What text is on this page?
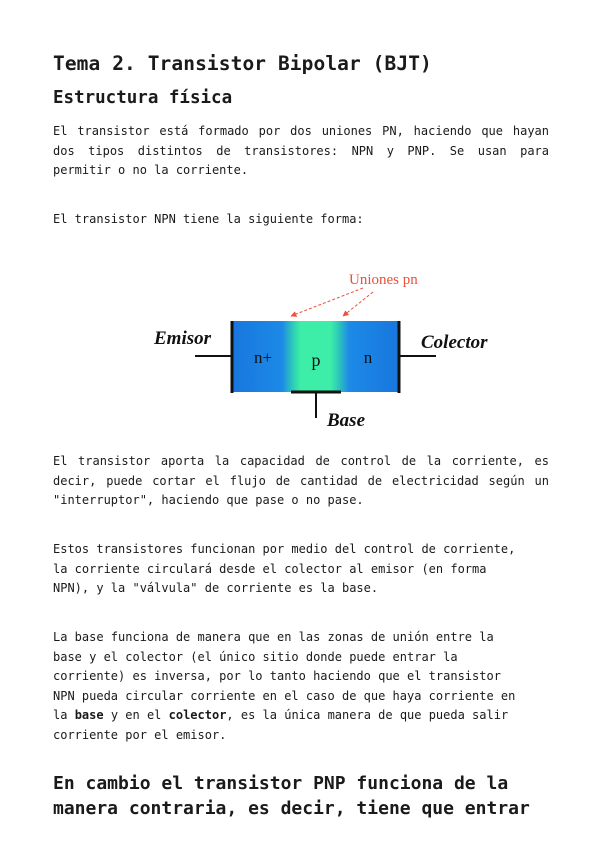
Tema 2. Transistor Bipolar (BJT)
Estructura física

El transistor está formado por dos uniones PN, haciendo que hayan dos tipos distintos de transistores: NPN y PNP. Se usan para permitir o no la corriente.

El transistor NPN tiene la siguiente forma:

Uniones pn
Emisor	Colector
Base
n+ p	n

El transistor aporta la capacidad de control de la corriente, es decir, puede cortar el flujo de cantidad de electricidad según un "interruptor", haciendo que pase o no pase.

Estos transistores funcionan por medio del control de corriente,
la corriente circulará desde el colector al emisor (en forma
NPN), y la "válvula" de corriente es la base.

La base funciona de manera que en las zonas de unión entre la
base y el colector (el único sitio donde puede entrar la
corriente) es inversa, por lo tanto haciendo que el transistor
NPN pueda circular corriente en el caso de que haya corriente en
la base y en el colector, es la única manera de que pueda salir
corriente por el emisor.

En cambio el transistor PNP funciona de la
manera contraria, es decir, tiene que entrar
